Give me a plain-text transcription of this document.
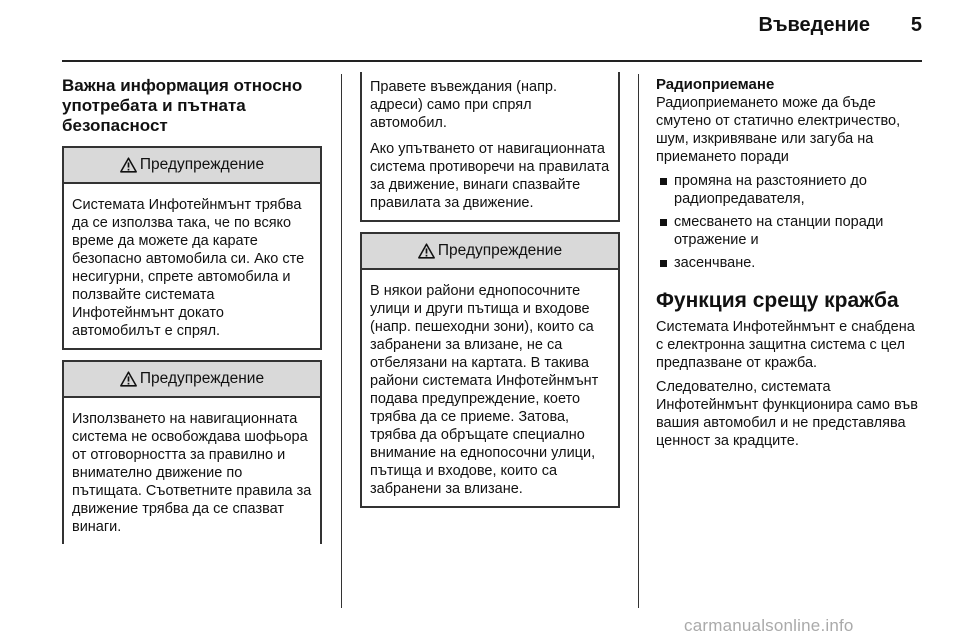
Въведение 5
Важна информация относно употребата и пътната безопасност
Предупреждение

Системата Инфотейнмънт трябва да се използва така, че по всяко време да можете да карате безопасно автомобила си. Ако сте несигурни, спрете автомобила и ползвайте системата Инфотейнмънт докато автомобилът е спрял.

Предупреждение

Използването на навигационната система не освобождава шофьора от отговорността за правилно и внимателно движение по пътищата. Съответните правила за движение трябва да се спазват винаги.

Правете въвеждания (напр. адреси) само при спрял автомобил.

Ако упътването от навигационната система противоречи на правилата за движение, винаги спазвайте правилата за движение.

Предупреждение

В някои райони еднопосочните улици и други пътища и входове (напр. пешеходни зони), които са забранени за влизане, не са отбелязани на картата. В такива райони системата Инфотейнмънт подава предупреждение, което трябва да се приеме. Затова, трябва да обръщате специално внимание на еднопосочни улици, пътища и входове, които са забранени за влизане.

Радиоприемане

Радиоприемането може да бъде смутено от статично електричество, шум, изкривяване или загуба на приемането поради

промяна на разстоянието до радиопредавателя,
смесването на станции поради отражение и
засенчване.
Функция срещу кражба

Системата Инфотейнмънт е снабдена с електронна защитна система с цел предпазване от кражба.

Следователно, системата Инфотейнмънт функционира само във вашия автомобил и не представлява ценност за крадците.

carmanualsonline.info
